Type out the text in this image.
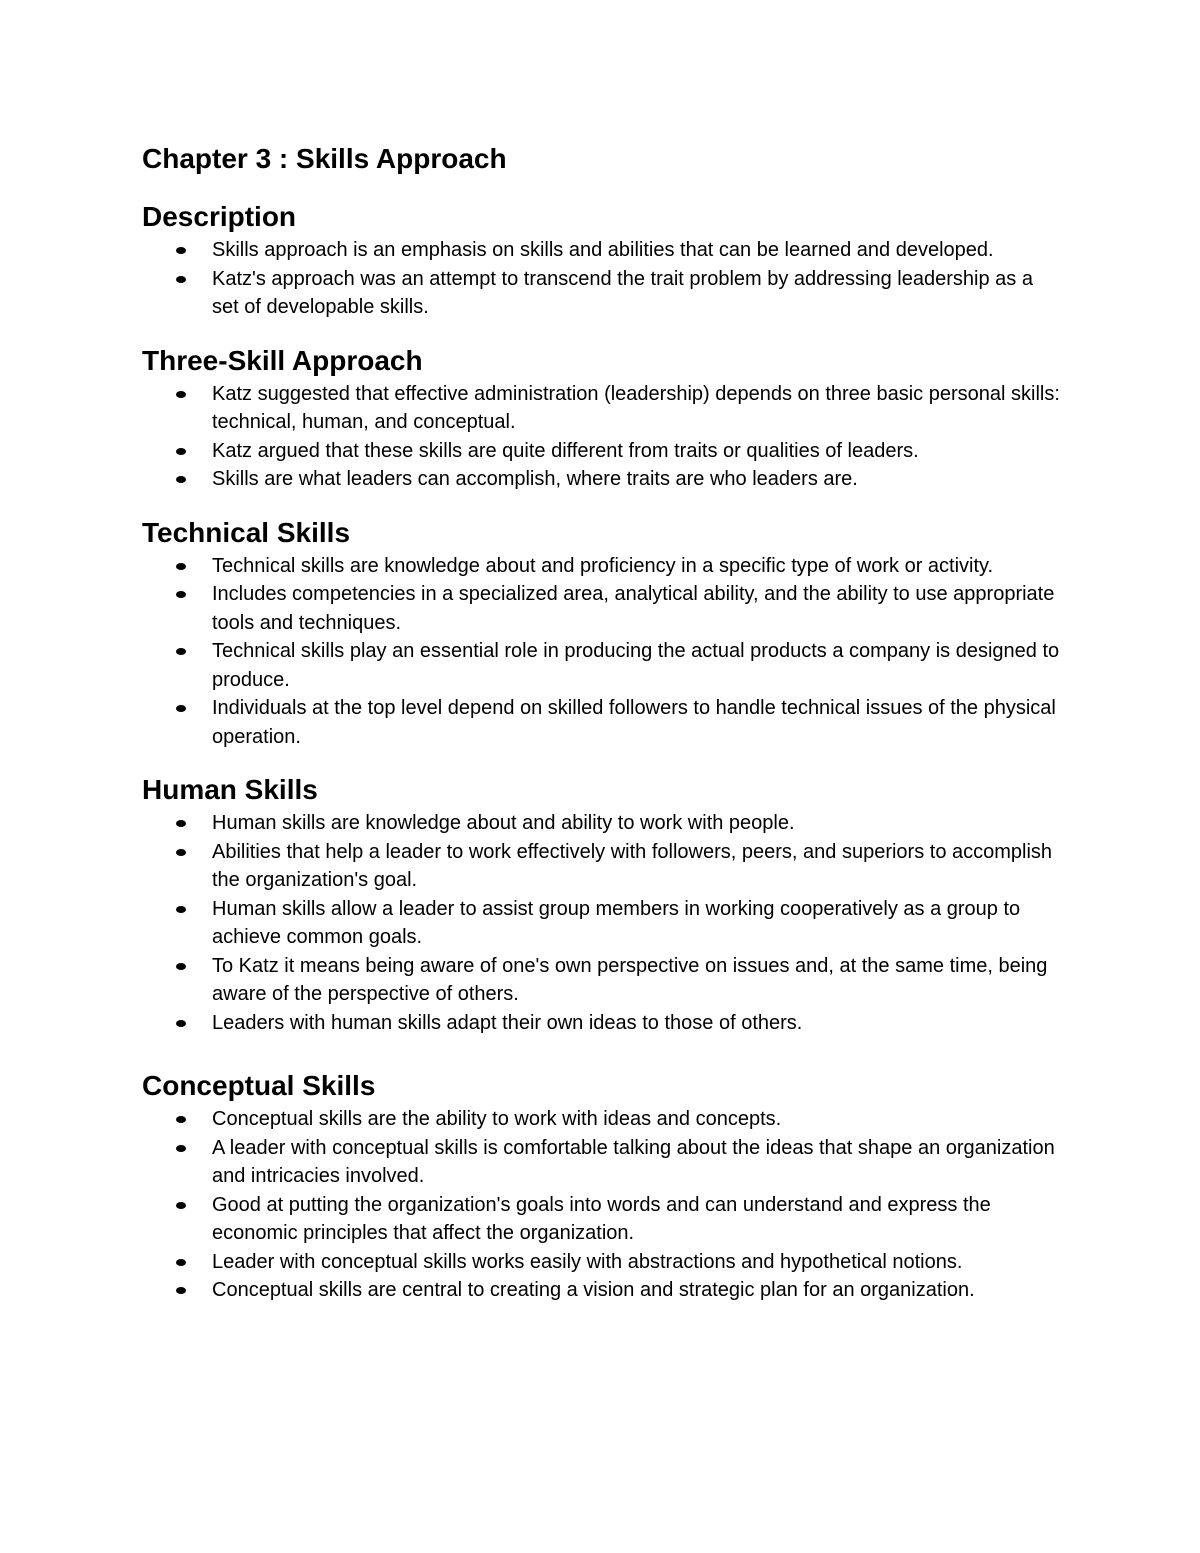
Chapter 3 : Skills Approach
Description
Skills approach is an emphasis on skills and abilities that can be learned and developed.
Katz's approach was an attempt to transcend the trait problem by addressing leadership as a set of developable skills.
Three-Skill Approach
Katz suggested that effective administration (leadership) depends on three basic personal skills: technical, human, and conceptual.
Katz argued that these skills are quite different from traits or qualities of leaders.
Skills are what leaders can accomplish, where traits are who leaders are.
Technical Skills
Technical skills are knowledge about and proficiency in a specific type of work or activity.
Includes competencies in a specialized area, analytical ability, and the ability to use appropriate tools and techniques.
Technical skills play an essential role in producing the actual products a company is designed to produce.
Individuals at the top level depend on skilled followers to handle technical issues of the physical operation.
Human Skills
Human skills are knowledge about and ability to work with people.
Abilities that help a leader to work effectively with followers, peers, and superiors to accomplish the organization's goal.
Human skills allow a leader to assist group members in working cooperatively as a group to achieve common goals.
To Katz it means being aware of one's own perspective on issues and, at the same time, being aware of the perspective of others.
Leaders with human skills adapt their own ideas to those of others.
Conceptual Skills
Conceptual skills are the ability to work with ideas and concepts.
A leader with conceptual skills is comfortable talking about the ideas that shape an organization and intricacies involved.
Good at putting the organization's goals into words and can understand and express the economic principles that affect the organization.
Leader with conceptual skills works easily with abstractions and hypothetical notions.
Conceptual skills are central to creating a vision and strategic plan for an organization.
